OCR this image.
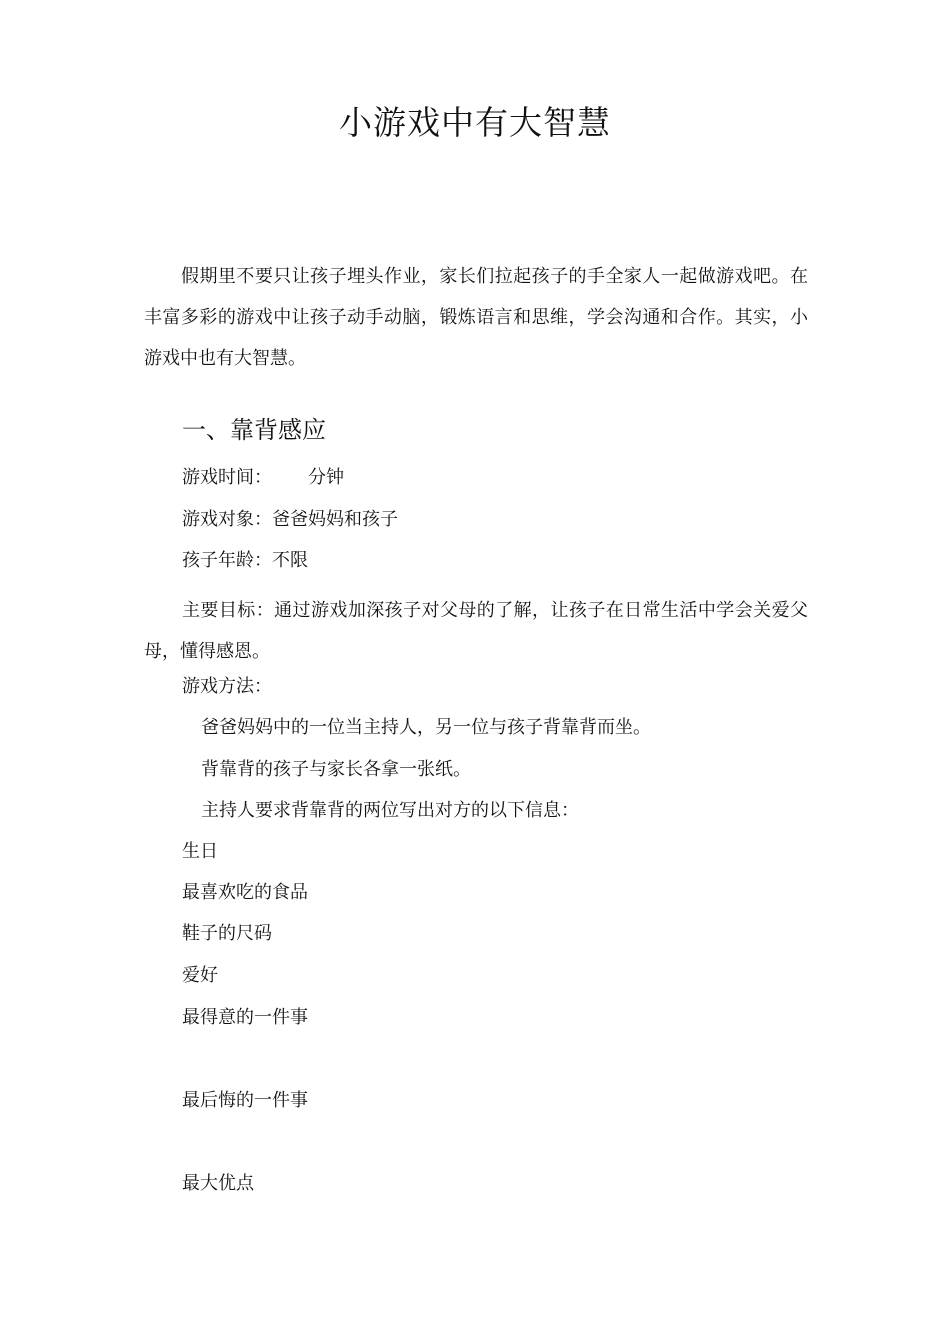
小游戏中有大智慧

假期里不要只让孩子埋头作业，家长们拉起孩子的手全家人一起做游戏吧。在丰富多彩的游戏中让孩子动手动脑，锻炼语言和思维，学会沟通和合作。其实，小游戏中也有大智慧。

一、靠背感应
游戏时间： 分钟
游戏对象：爸爸妈妈和孩子
孩子年龄：不限

主要目标：通过游戏加深孩子对父母的了解，让孩子在日常生活中学会关爱父母，懂得感恩。

游戏方法：
爸爸妈妈中的一位当主持人，另一位与孩子背靠背而坐。
背靠背的孩子与家长各拿一张纸。
主持人要求背靠背的两位写出对方的以下信息：
生日
最喜欢吃的食品
鞋子的尺码
爱好
最得意的一件事
最后悔的一件事
最大优点
